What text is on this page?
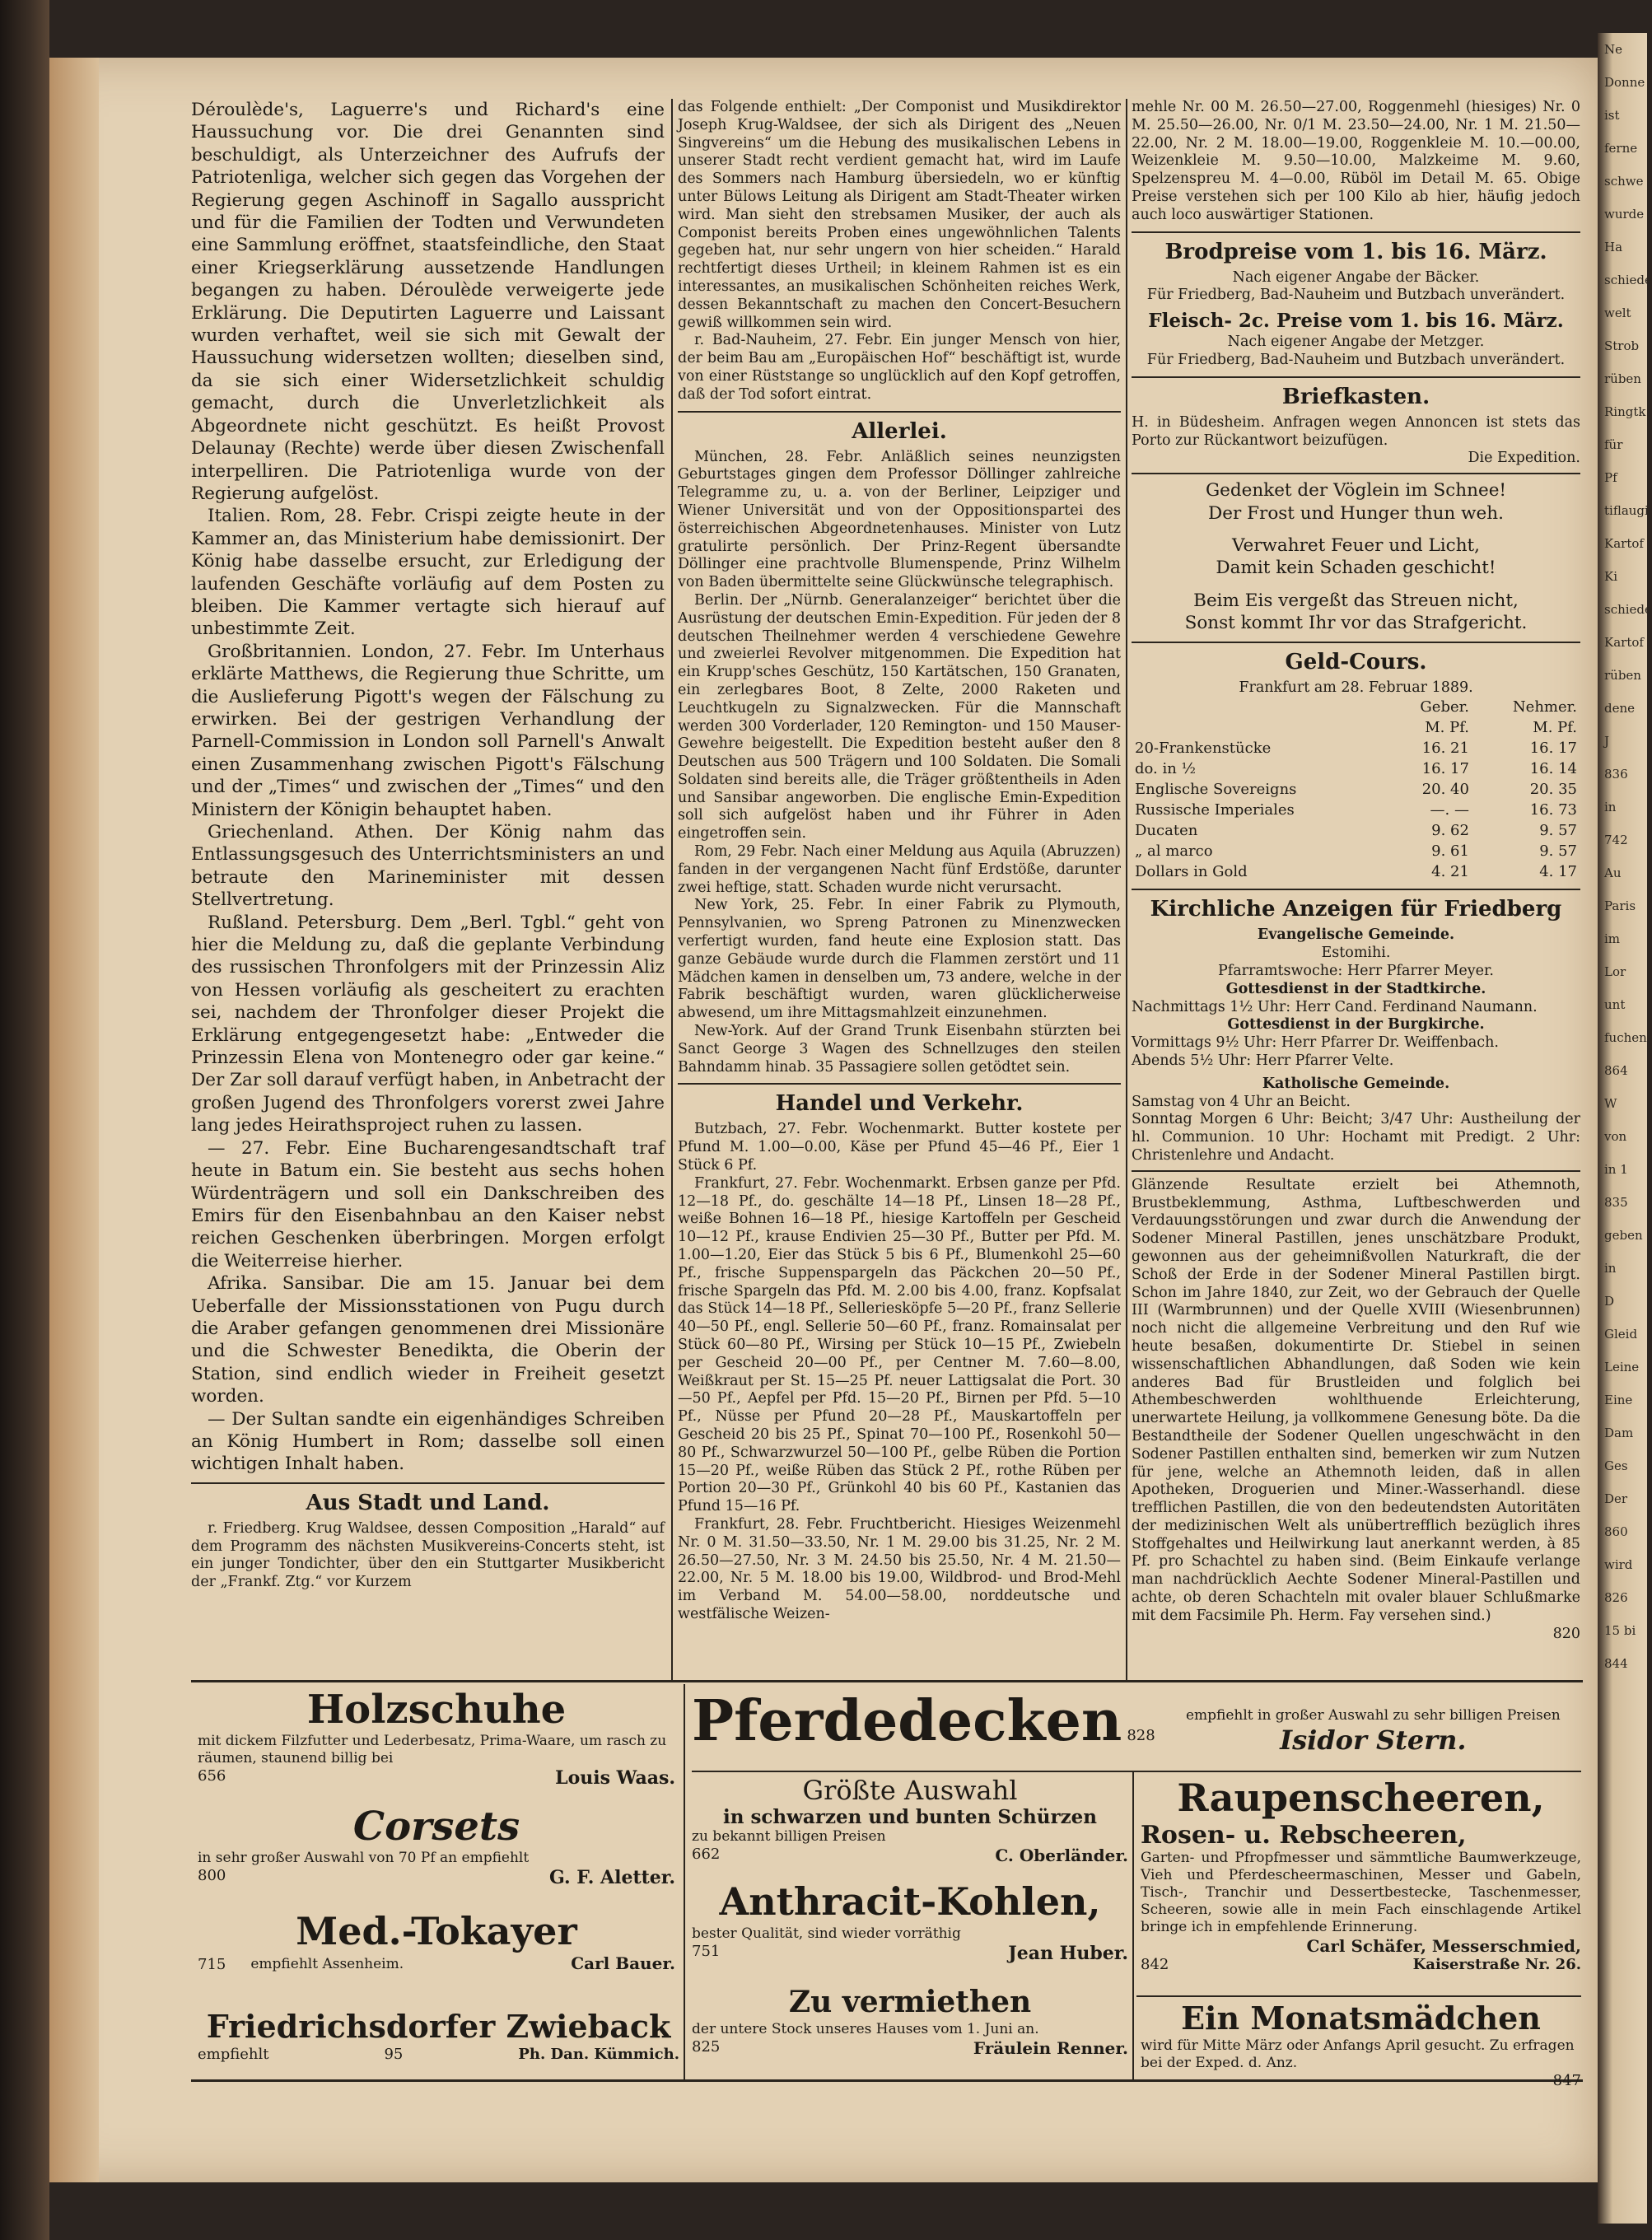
Ne
Donne
ist
ferne
schwe
wurde
Ha
schiede
welt
Strob
rüben
Ringtk
für
Pf
tiflaugi
Kartof
Ki
schiede
Kartof
rüben
dene
J
836
in
742
Au
Paris
im
Lor
unt
fuchen
864
W
von
in 1
835
geben
in
D
Gleid
Leine
Eine
Dam
Ges
Der
860
wird
826
15 bi
844

Déroulède's, Laguerre's und Richard's eine Haussuchung vor. Die drei Genannten sind beschuldigt, als Unterzeichner des Aufrufs der Patriotenliga, welcher sich gegen das Vorgehen der Regierung gegen Aschinoff in Sagallo ausspricht und für die Familien der Todten und Verwundeten eine Sammlung eröffnet, staatsfeindliche, den Staat einer Kriegserklärung aussetzende Handlungen begangen zu haben. Déroulède verweigerte jede Erklärung. Die Deputirten Laguerre und Laissant wurden verhaftet, weil sie sich mit Gewalt der Haussuchung widersetzen wollten; dieselben sind, da sie sich einer Widersetzlichkeit schuldig gemacht, durch die Unverletzlichkeit als Abgeordnete nicht geschützt. Es heißt Provost Delaunay (Rechte) werde über diesen Zwischenfall interpelliren. Die Patriotenliga wurde von der Regierung aufgelöst.

Italien. Rom, 28. Febr. Crispi zeigte heute in der Kammer an, das Ministerium habe demissionirt. Der König habe dasselbe ersucht, zur Erledigung der laufenden Geschäfte vorläufig auf dem Posten zu bleiben. Die Kammer vertagte sich hierauf auf unbestimmte Zeit.

Großbritannien. London, 27. Febr. Im Unterhaus erklärte Matthews, die Regierung thue Schritte, um die Auslieferung Pigott's wegen der Fälschung zu erwirken. Bei der gestrigen Verhandlung der Parnell-Commission in London soll Parnell's Anwalt einen Zusammenhang zwischen Pigott's Fälschung und der „Times“ und zwischen der „Times“ und den Ministern der Königin behauptet haben.

Griechenland. Athen. Der König nahm das Entlassungsgesuch des Unterrichtsministers an und betraute den Marineminister mit dessen Stellvertretung.

Rußland. Petersburg. Dem „Berl. Tgbl.“ geht von hier die Meldung zu, daß die geplante Verbindung des russischen Thronfolgers mit der Prinzessin Aliz von Hessen vorläufig als gescheitert zu erachten sei, nachdem der Thronfolger dieser Projekt die Erklärung entgegengesetzt habe: „Entweder die Prinzessin Elena von Montenegro oder gar keine.“ Der Zar soll darauf verfügt haben, in Anbetracht der großen Jugend des Thronfolgers vorerst zwei Jahre lang jedes Heirathsproject ruhen zu lassen.

— 27. Febr. Eine Bucharengesandtschaft traf heute in Batum ein. Sie besteht aus sechs hohen Würdenträgern und soll ein Dankschreiben des Emirs für den Eisenbahnbau an den Kaiser nebst reichen Geschenken überbringen. Morgen erfolgt die Weiterreise hierher.

Afrika. Sansibar. Die am 15. Januar bei dem Ueberfalle der Missionsstationen von Pugu durch die Araber gefangen genommenen drei Missionäre und die Schwester Benedikta, die Oberin der Station, sind endlich wieder in Freiheit gesetzt worden.

— Der Sultan sandte ein eigenhändiges Schreiben an König Humbert in Rom; dasselbe soll einen wichtigen Inhalt haben.

Aus Stadt und Land.

r. Friedberg. Krug Waldsee, dessen Composition „Harald“ auf dem Programm des nächsten Musikvereins-Concerts steht, ist ein junger Tondichter, über den ein Stuttgarter Musikbericht der „Frankf. Ztg.“ vor Kurzem

das Folgende enthielt: „Der Componist und Musikdirektor Joseph Krug-Waldsee, der sich als Dirigent des „Neuen Singvereins“ um die Hebung des musikalischen Lebens in unserer Stadt recht verdient gemacht hat, wird im Laufe des Sommers nach Hamburg übersiedeln, wo er künftig unter Bülows Leitung als Dirigent am Stadt-Theater wirken wird. Man sieht den strebsamen Musiker, der auch als Componist bereits Proben eines ungewöhnlichen Talents gegeben hat, nur sehr ungern von hier scheiden.“ Harald rechtfertigt dieses Urtheil; in kleinem Rahmen ist es ein interessantes, an musikalischen Schönheiten reiches Werk, dessen Bekanntschaft zu machen den Concert-Besuchern gewiß willkommen sein wird.

r. Bad-Nauheim, 27. Febr. Ein junger Mensch von hier, der beim Bau am „Europäischen Hof“ beschäftigt ist, wurde von einer Rüststange so unglücklich auf den Kopf getroffen, daß der Tod sofort eintrat.

Allerlei.

München, 28. Febr. Anläßlich seines neunzigsten Geburtstages gingen dem Professor Döllinger zahlreiche Telegramme zu, u. a. von der Berliner, Leipziger und Wiener Universität und von der Oppositionspartei des österreichischen Abgeordnetenhauses. Minister von Lutz gratulirte persönlich. Der Prinz-Regent übersandte Döllinger eine prachtvolle Blumenspende, Prinz Wilhelm von Baden übermittelte seine Glückwünsche telegraphisch.

Berlin. Der „Nürnb. Generalanzeiger“ berichtet über die Ausrüstung der deutschen Emin-Expedition. Für jeden der 8 deutschen Theilnehmer werden 4 verschiedene Gewehre und zweierlei Revolver mitgenommen. Die Expedition hat ein Krupp'sches Geschütz, 150 Kartätschen, 150 Granaten, ein zerlegbares Boot, 8 Zelte, 2000 Raketen und Leuchtkugeln zu Signalzwecken. Für die Mannschaft werden 300 Vorderlader, 120 Remington- und 150 Mauser-Gewehre beigestellt. Die Expedition besteht außer den 8 Deutschen aus 500 Trägern und 100 Soldaten. Die Somali Soldaten sind bereits alle, die Träger größtentheils in Aden und Sansibar angeworben. Die englische Emin-Expedition soll sich aufgelöst haben und ihr Führer in Aden eingetroffen sein.

Rom, 29 Febr. Nach einer Meldung aus Aquila (Abruzzen) fanden in der vergangenen Nacht fünf Erdstöße, darunter zwei heftige, statt. Schaden wurde nicht verursacht.

New York, 25. Febr. In einer Fabrik zu Plymouth, Pennsylvanien, wo Spreng Patronen zu Minenzwecken verfertigt wurden, fand heute eine Explosion statt. Das ganze Gebäude wurde durch die Flammen zerstört und 11 Mädchen kamen in denselben um, 73 andere, welche in der Fabrik beschäftigt wurden, waren glücklicherweise abwesend, um ihre Mittagsmahlzeit einzunehmen.

New-York. Auf der Grand Trunk Eisenbahn stürzten bei Sanct George 3 Wagen des Schnellzuges den steilen Bahndamm hinab. 35 Passagiere sollen getödtet sein.

Handel und Verkehr.

Butzbach, 27. Febr. Wochenmarkt. Butter kostete per Pfund M. 1.00—0.00, Käse per Pfund 45—46 Pf., Eier 1 Stück 6 Pf.

Frankfurt, 27. Febr. Wochenmarkt. Erbsen ganze per Pfd. 12—18 Pf., do. geschälte 14—18 Pf., Linsen 18—28 Pf., weiße Bohnen 16—18 Pf., hiesige Kartoffeln per Gescheid 10—12 Pf., krause Endivien 25—30 Pf., Butter per Pfd. M. 1.00—1.20, Eier das Stück 5 bis 6 Pf., Blumenkohl 25—60 Pf., frische Suppenspargeln das Päckchen 20—50 Pf., frische Spargeln das Pfd. M. 2.00 bis 4.00, franz. Kopfsalat das Stück 14—18 Pf., Selleriesköpfe 5—20 Pf., franz Sellerie 40—50 Pf., engl. Sellerie 50—60 Pf., franz. Romainsalat per Stück 60—80 Pf., Wirsing per Stück 10—15 Pf., Zwiebeln per Gescheid 20—00 Pf., per Centner M. 7.60—8.00, Weißkraut per St. 15—25 Pf. neuer Lattigsalat die Port. 30—50 Pf., Aepfel per Pfd. 15—20 Pf., Birnen per Pfd. 5—10 Pf., Nüsse per Pfund 20—28 Pf., Mauskartoffeln per Gescheid 20 bis 25 Pf., Spinat 70—100 Pf., Rosenkohl 50—80 Pf., Schwarzwurzel 50—100 Pf., gelbe Rüben die Portion 15—20 Pf., weiße Rüben das Stück 2 Pf., rothe Rüben per Portion 20—30 Pf., Grünkohl 40 bis 60 Pf., Kastanien das Pfund 15—16 Pf.

Frankfurt, 28. Febr. Fruchtbericht. Hiesiges Weizenmehl Nr. 0 M. 31.50—33.50, Nr. 1 M. 29.00 bis 31.25, Nr. 2 M. 26.50—27.50, Nr. 3 M. 24.50 bis 25.50, Nr. 4 M. 21.50—22.00, Nr. 5 M. 18.00 bis 19.00, Wildbrod- und Brod-Mehl im Verband M. 54.00—58.00, norddeutsche und westfälische Weizen-

mehle Nr. 00 M. 26.50—27.00, Roggenmehl (hiesiges) Nr. 0 M. 25.50—26.00, Nr. 0/1 M. 23.50—24.00, Nr. 1 M. 21.50—22.00, Nr. 2 M. 18.00—19.00, Roggenkleie M. 10.—00.00, Weizenkleie M. 9.50—10.00, Malzkeime M. 9.60, Spelzenspreu M. 4—0.00, Rüböl im Detail M. 65. Obige Preise verstehen sich per 100 Kilo ab hier, häufig jedoch auch loco auswärtiger Stationen.

Brodpreise vom 1. bis 16. März.
Nach eigener Angabe der Bäcker.
Für Friedberg, Bad-Nauheim und Butzbach unverändert.
Fleisch- 2c. Preise vom 1. bis 16. März.
Nach eigener Angabe der Metzger.
Für Friedberg, Bad-Nauheim und Butzbach unverändert.
Briefkasten.

H. in Büdesheim. Anfragen wegen Annoncen ist stets das Porto zur Rückantwort beizufügen.

Die Expedition.
Gedenket der Vöglein im Schnee!
Der Frost und Hunger thun weh.
Verwahret Feuer und Licht,
Damit kein Schaden geschicht!
Beim Eis vergeßt das Streuen nicht,
Sonst kommt Ihr vor das Strafgericht.
Geld-Cours.
Frankfurt am 28. Februar 1889.
	Geber.	Nehmer.
	M. Pf.	M. Pf.
20-Frankenstücke	16. 21	16. 17
do. in ½	16. 17	16. 14
Englische Sovereigns	20. 40	20. 35
Russische Imperiales	—. —	16. 73
Ducaten	9. 62	9. 57
„ al marco	9. 61	9. 57
Dollars in Gold	4. 21	4. 17
Kirchliche Anzeigen für Friedberg
Evangelische Gemeinde.
Estomihi.
Pfarramtswoche: Herr Pfarrer Meyer.
Gottesdienst in der Stadtkirche.
Nachmittags 1½ Uhr: Herr Cand. Ferdinand Naumann.
Gottesdienst in der Burgkirche.
Vormittags 9½ Uhr: Herr Pfarrer Dr. Weiffenbach.
Abends 5½ Uhr: Herr Pfarrer Velte.
Katholische Gemeinde.
Samstag von 4 Uhr an Beicht.
Sonntag Morgen 6 Uhr: Beicht; 3/47 Uhr: Austheilung der hl. Communion. 10 Uhr: Hochamt mit Predigt. 2 Uhr: Christenlehre und Andacht.

Glänzende Resultate erzielt bei Athemnoth, Brustbeklemmung, Asthma, Luftbeschwerden und Verdauungsstörungen und zwar durch die Anwendung der Sodener Mineral Pastillen, jenes unschätzbare Produkt, gewonnen aus der geheimnißvollen Naturkraft, die der Schoß der Erde in der Sodener Mineral Pastillen birgt. Schon im Jahre 1840, zur Zeit, wo der Gebrauch der Quelle III (Warmbrunnen) und der Quelle XVIII (Wiesenbrunnen) noch nicht die allgemeine Verbreitung und den Ruf wie heute besaßen, dokumentirte Dr. Stiebel in seinen wissenschaftlichen Abhandlungen, daß Soden wie kein anderes Bad für Brustleiden und folglich bei Athembeschwerden wohlthuende Erleichterung, unerwartete Heilung, ja vollkommene Genesung böte. Da die Bestandtheile der Sodener Quellen ungeschwächt in den Sodener Pastillen enthalten sind, bemerken wir zum Nutzen für jene, welche an Athemnoth leiden, daß in allen Apotheken, Droguerien und Miner.-Wasserhandl. diese trefflichen Pastillen, die von den bedeutendsten Autoritäten der medizinischen Welt als unübertrefflich bezüglich ihres Stoffgehaltes und Heilwirkung laut anerkannt werden, à 85 Pf. pro Schachtel zu haben sind. (Beim Einkaufe verlange man nachdrücklich Aechte Sodener Mineral-Pastillen und achte, ob deren Schachteln mit ovaler blauer Schlußmarke mit dem Facsimile Ph. Herm. Fay versehen sind.)

820
Holzschuhe
mit dickem Filzfutter und Lederbesatz, Prima-Waare, um rasch zu räumen, staunend billig bei
656	Louis Waas.
Corsets
in sehr großer Auswahl von 70 Pf an empfiehlt
800	G. F. Aletter.
Med.-Tokayer
715 empfiehlt Assenheim.	Carl Bauer.
Friedrichsdorfer Zwieback
empfiehlt	95	Ph. Dan. Kümmich.
Pferdedecken 828
empfiehlt in großer Auswahl zu sehr billigen Preisen
Isidor Stern.
Größte Auswahl
in schwarzen und bunten Schürzen
zu bekannt billigen Preisen
662	C. Oberländer.
Anthracit-Kohlen,
bester Qualität, sind wieder vorräthig
751	Jean Huber.
Zu vermiethen
der untere Stock unseres Hauses vom 1. Juni an.
825	Fräulein Renner.
Raupenscheeren,
Rosen- u. Rebscheeren,
Garten- und Pfropfmesser und sämmtliche Baumwerkzeuge, Vieh und Pferdescheermaschinen, Messer und Gabeln, Tisch-, Tranchir und Dessertbestecke, Taschenmesser, Scheeren, sowie alle in mein Fach einschlagende Artikel bringe ich in empfehlende Erinnerung.
842
Carl Schäfer, Messerschmied,
Kaiserstraße Nr. 26.
Ein Monatsmädchen
wird für Mitte März oder Anfangs April gesucht. Zu erfragen bei der Exped. d. Anz.
847
